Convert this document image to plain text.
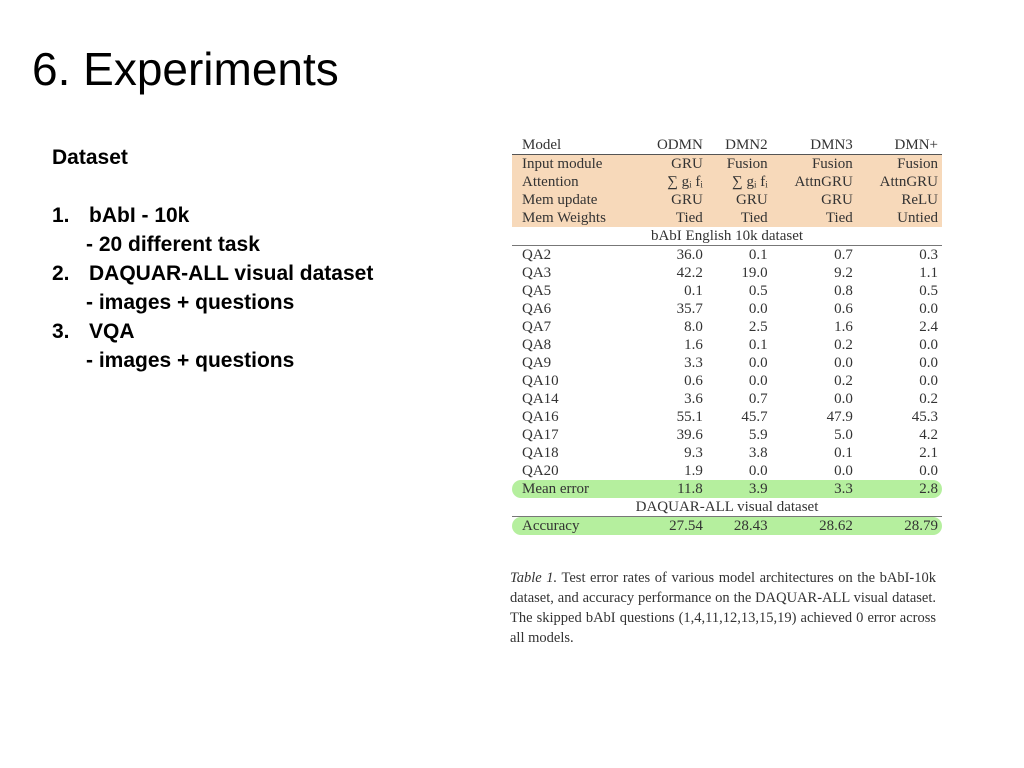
6. Experiments

Dataset

1. bAbI - 10k
- 20 different task
2. DAQUAR-ALL visual dataset
- images + questions
3. VQA
- images + questions
Model	ODMN	DMN2	DMN3	DMN+
Input module	GRU	Fusion	Fusion	Fusion
Attention	∑ gᵢ fᵢ	∑ gᵢ fᵢ	AttnGRU	AttnGRU
Mem update	GRU	GRU	GRU	ReLU
Mem Weights	Tied	Tied	Tied	Untied
bAbI English 10k dataset				
QA2	36.0	0.1	0.7	0.3
QA3	42.2	19.0	9.2	1.1
QA5	0.1	0.5	0.8	0.5
QA6	35.7	0.0	0.6	0.0
QA7	8.0	2.5	1.6	2.4
QA8	1.6	0.1	0.2	0.0
QA9	3.3	0.0	0.0	0.0
QA10	0.6	0.0	0.2	0.0
QA14	3.6	0.7	0.0	0.2
QA16	55.1	45.7	47.9	45.3
QA17	39.6	5.9	5.0	4.2
QA18	9.3	3.8	0.1	2.1
QA20	1.9	0.0	0.0	0.0
Mean error	11.8	3.9	3.3	2.8
DAQUAR-ALL visual dataset				
Accuracy	27.54	28.43	28.62	28.79
Table 1. Test error rates of various model architectures on the bAbI-10k dataset, and accuracy performance on the DAQUAR-ALL visual dataset. The skipped bAbI questions (1,4,11,12,13,15,19) achieved 0 error across all models.
